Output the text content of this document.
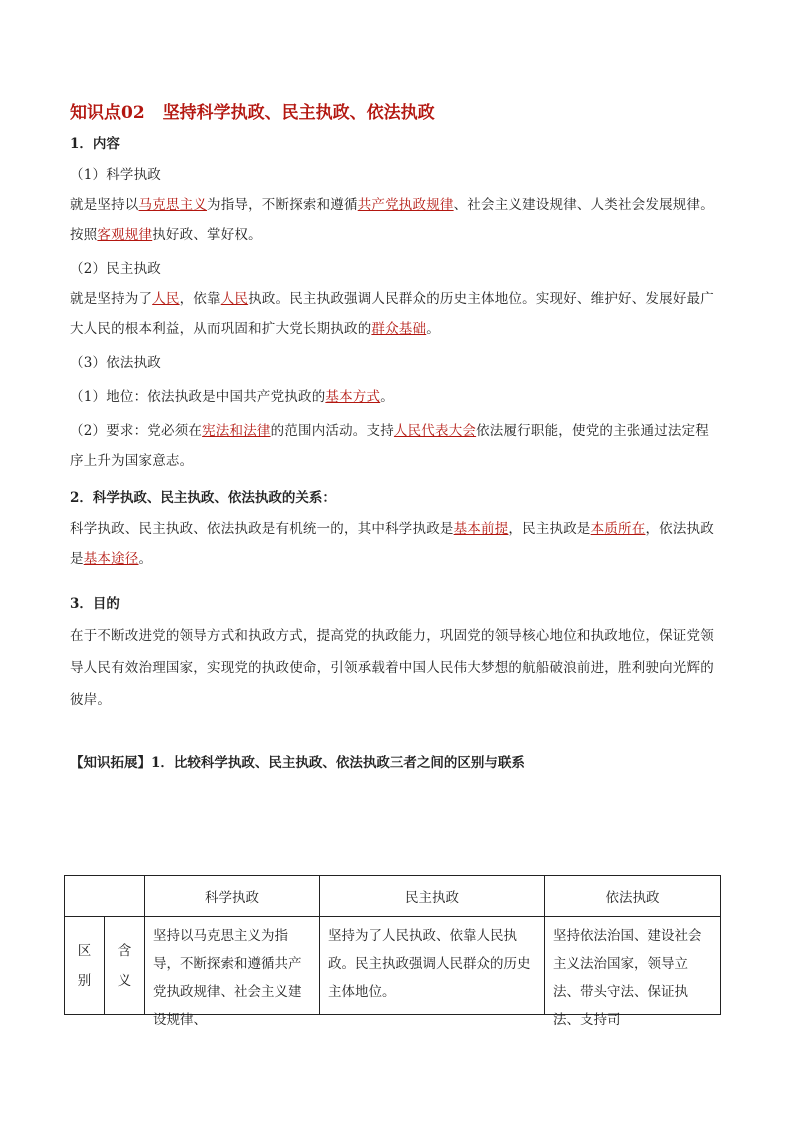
知识点02 坚持科学执政、民主执政、依法执政
1．内容
（1）科学执政
就是坚持以马克思主义为指导，不断探索和遵循共产党执政规律、社会主义建设规律、人类社会发展规律。按照客观规律执好政、掌好权。
（2）民主执政
就是坚持为了人民，依靠人民执政。民主执政强调人民群众的历史主体地位。实现好、维护好、发展好最广大人民的根本利益，从而巩固和扩大党长期执政的群众基础。
（3）依法执政
（1）地位：依法执政是中国共产党执政的基本方式。
（2）要求：党必须在宪法和法律的范围内活动。支持人民代表大会依法履行职能，使党的主张通过法定程序上升为国家意志。
2．科学执政、民主执政、依法执政的关系：
科学执政、民主执政、依法执政是有机统一的，其中科学执政是基本前提，民主执政是本质所在，依法执政是基本途径。
3．目的
在于不断改进党的领导方式和执政方式，提高党的执政能力，巩固党的领导核心地位和执政地位，保证党领导人民有效治理国家，实现党的执政使命，引领承载着中国人民伟大梦想的航船破浪前进，胜利驶向光辉的彼岸。
【知识拓展】1．比较科学执政、民主执政、依法执政三者之间的区别与联系
		科学执政	民主执政	依法执政
区别	含义	坚持以马克思主义为指导，不断探索和遵循共产党执政规律、社会主义建设规律、	坚持为了人民执政、依靠人民执政。民主执政强调人民群众的历史主体地位。	坚持依法治国、建设社会主义法治国家，领导立法、带头守法、保证执法、支持司
